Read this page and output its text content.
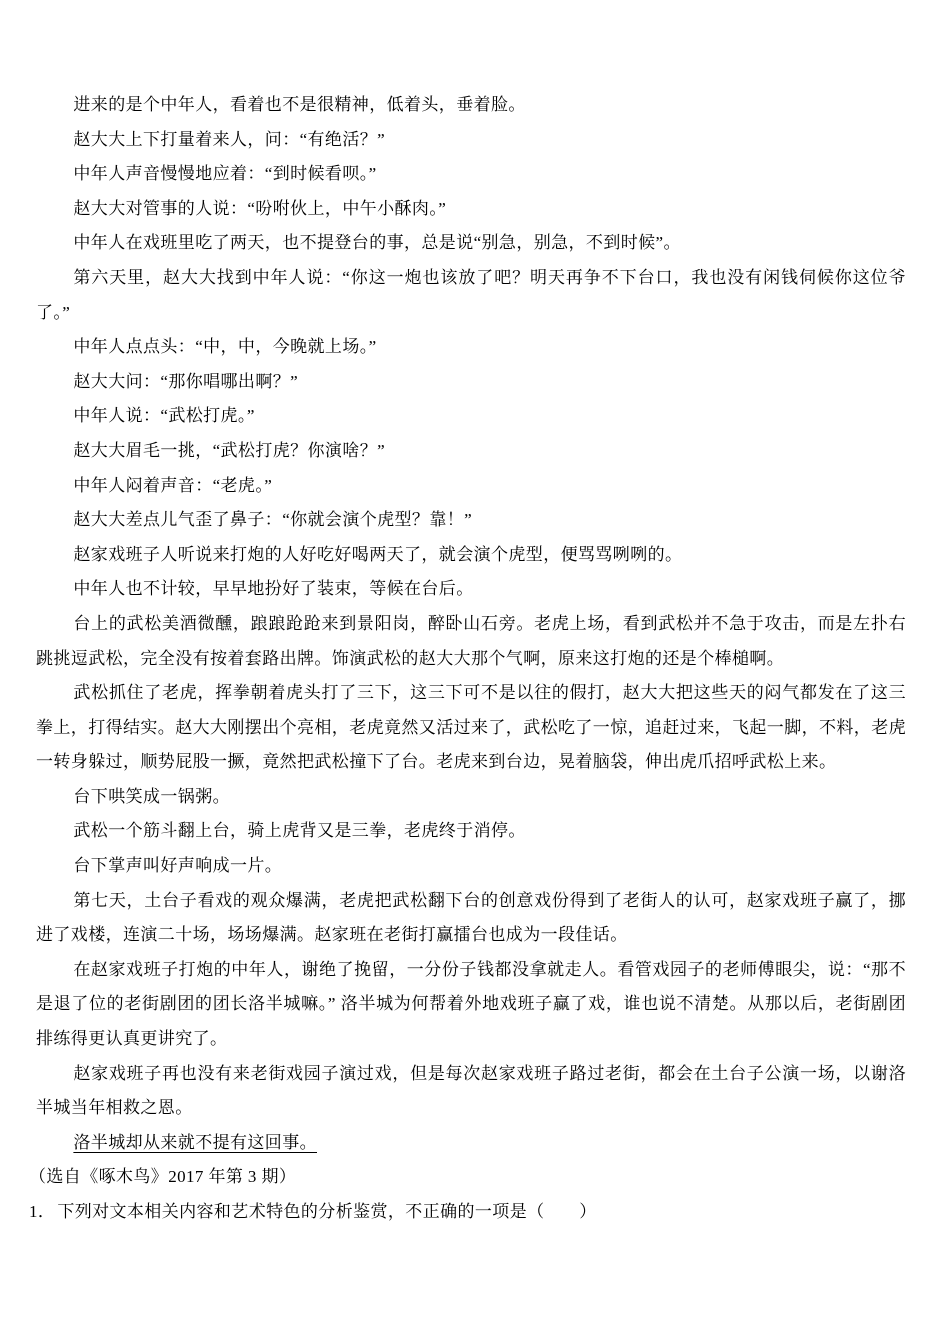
进来的是个中年人，看着也不是很精神，低着头，垂着脸。

赵大大上下打量着来人，问：“有绝活？”

中年人声音慢慢地应着：“到时候看呗。”

赵大大对管事的人说：“吩咐伙上，中午小酥肉。”

中年人在戏班里吃了两天，也不提登台的事，总是说“别急，别急，不到时候”。

第六天里，赵大大找到中年人说：“你这一炮也该放了吧？明天再争不下台口，我也没有闲钱伺候你这位爷了。”

中年人点点头：“中，中，今晚就上场。”

赵大大问：“那你唱哪出啊？”

中年人说：“武松打虎。”

赵大大眉毛一挑，“武松打虎？你演啥？”

中年人闷着声音：“老虎。”

赵大大差点儿气歪了鼻子：“你就会演个虎型？靠！”

赵家戏班子人听说来打炮的人好吃好喝两天了，就会演个虎型，便骂骂咧咧的。

中年人也不计较，早早地扮好了装束，等候在台后。

台上的武松美酒微醺，踉踉跄跄来到景阳岗，醉卧山石旁。老虎上场，看到武松并不急于攻击，而是左扑右跳挑逗武松，完全没有按着套路出牌。饰演武松的赵大大那个气啊，原来这打炮的还是个棒槌啊。

武松抓住了老虎，挥拳朝着虎头打了三下，这三下可不是以往的假打，赵大大把这些天的闷气都发在了这三拳上，打得结实。赵大大刚摆出个亮相，老虎竟然又活过来了，武松吃了一惊，追赶过来，飞起一脚，不料，老虎一转身躲过，顺势屁股一撅，竟然把武松撞下了台。老虎来到台边，晃着脑袋，伸出虎爪招呼武松上来。

台下哄笑成一锅粥。

武松一个筋斗翻上台，骑上虎背又是三拳，老虎终于消停。

台下掌声叫好声响成一片。

第七天，土台子看戏的观众爆满，老虎把武松翻下台的创意戏份得到了老街人的认可，赵家戏班子赢了，挪进了戏楼，连演二十场，场场爆满。赵家班在老街打赢擂台也成为一段佳话。

在赵家戏班子打炮的中年人，谢绝了挽留，一分份子钱都没拿就走人。看管戏园子的老师傅眼尖，说：“那不是退了位的老街剧团的团长洛半城嘛。” 洛半城为何帮着外地戏班子赢了戏，谁也说不清楚。从那以后，老街剧团排练得更认真更讲究了。

赵家戏班子再也没有来老街戏园子演过戏，但是每次赵家戏班子路过老街，都会在土台子公演一场，以谢洛半城当年相救之恩。

洛半城却从来就不提有这回事。

（选自《啄木鸟》2017 年第 3 期）

1． 下列对文本相关内容和艺术特色的分析鉴赏，不正确的一项是（　　）
